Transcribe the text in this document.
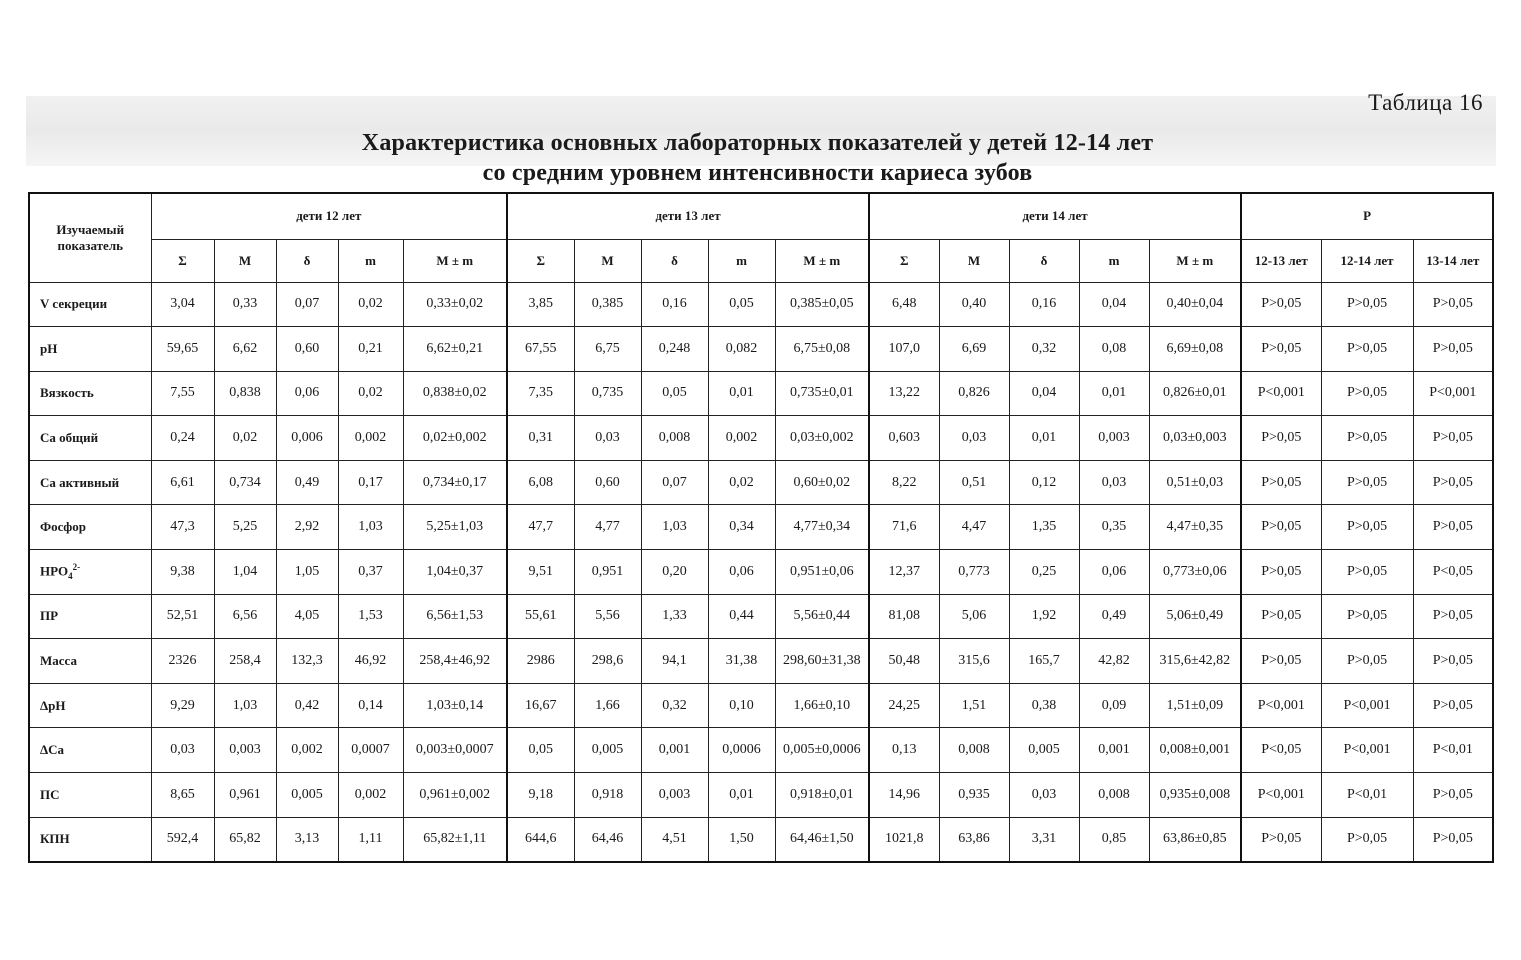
Таблица 16
Характеристика основных лабораторных показателей у детей 12-14 лет
со средним уровнем интенсивности кариеса зубов
Изучаемый показатель	дети 12 лет					дети 13 лет					дети 14 лет					Р		
	Σ	М	δ	m	М ± m	Σ	М	δ	m	М ± m	Σ	М	δ	m	М ± m	12-13 лет	12-14 лет	13-14 лет
V секреции	3,04	0,33	0,07	0,02	0,33±0,02	3,85	0,385	0,16	0,05	0,385±0,05	6,48	0,40	0,16	0,04	0,40±0,04	Р>0,05	Р>0,05	Р>0,05
pH	59,65	6,62	0,60	0,21	6,62±0,21	67,55	6,75	0,248	0,082	6,75±0,08	107,0	6,69	0,32	0,08	6,69±0,08	Р>0,05	Р>0,05	Р>0,05
Вязкость	7,55	0,838	0,06	0,02	0,838±0,02	7,35	0,735	0,05	0,01	0,735±0,01	13,22	0,826	0,04	0,01	0,826±0,01	Р<0,001	Р>0,05	Р<0,001
Са общий	0,24	0,02	0,006	0,002	0,02±0,002	0,31	0,03	0,008	0,002	0,03±0,002	0,603	0,03	0,01	0,003	0,03±0,003	Р>0,05	Р>0,05	Р>0,05
Са активный	6,61	0,734	0,49	0,17	0,734±0,17	6,08	0,60	0,07	0,02	0,60±0,02	8,22	0,51	0,12	0,03	0,51±0,03	Р>0,05	Р>0,05	Р>0,05
Фосфор	47,3	5,25	2,92	1,03	5,25±1,03	47,7	4,77	1,03	0,34	4,77±0,34	71,6	4,47	1,35	0,35	4,47±0,35	Р>0,05	Р>0,05	Р>0,05
$НРО_4^{2-}$	9,38	1,04	1,05	0,37	1,04±0,37	9,51	0,951	0,20	0,06	0,951±0,06	12,37	0,773	0,25	0,06	0,773±0,06	Р>0,05	Р>0,05	Р<0,05
ПР	52,51	6,56	4,05	1,53	6,56±1,53	55,61	5,56	1,33	0,44	5,56±0,44	81,08	5,06	1,92	0,49	5,06±0,49	Р>0,05	Р>0,05	Р>0,05
Масса	2326	258,4	132,3	46,92	258,4±46,92	2986	298,6	94,1	31,38	298,60±31,38	50,48	315,6	165,7	42,82	315,6±42,82	Р>0,05	Р>0,05	Р>0,05
ΔрН	9,29	1,03	0,42	0,14	1,03±0,14	16,67	1,66	0,32	0,10	1,66±0,10	24,25	1,51	0,38	0,09	1,51±0,09	Р<0,001	Р<0,001	Р>0,05
ΔСа	0,03	0,003	0,002	0,0007	0,003±0,0007	0,05	0,005	0,001	0,0006	0,005±0,0006	0,13	0,008	0,005	0,001	0,008±0,001	Р<0,05	Р<0,001	Р<0,01
ПС	8,65	0,961	0,005	0,002	0,961±0,002	9,18	0,918	0,003	0,01	0,918±0,01	14,96	0,935	0,03	0,008	0,935±0,008	Р<0,001	Р<0,01	Р>0,05
КПН	592,4	65,82	3,13	1,11	65,82±1,11	644,6	64,46	4,51	1,50	64,46±1,50	1021,8	63,86	3,31	0,85	63,86±0,85	Р>0,05	Р>0,05	Р>0,05
